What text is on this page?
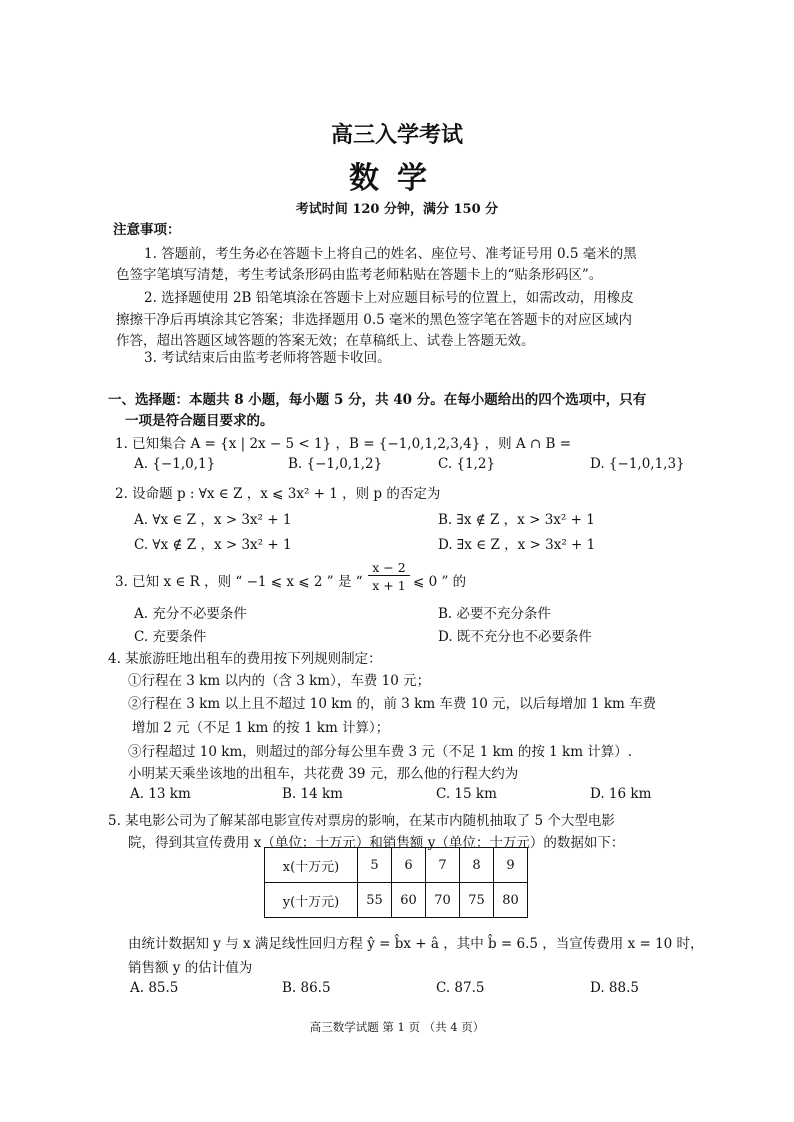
高三入学考试
数学
考试时间 120 分钟，满分 150 分
注意事项：
1. 答题前，考生务必在答题卡上将自己的姓名、座位号、准考证号用 0.5 毫米的黑
色签字笔填写清楚，考生考试条形码由监考老师粘贴在答题卡上的“贴条形码区”。
2. 选择题使用 2B 铅笔填涂在答题卡上对应题目标号的位置上，如需改动，用橡皮
擦擦干净后再填涂其它答案；非选择题用 0.5 毫米的黑色签字笔在答题卡的对应区域内
作答，超出答题区域答题的答案无效；在草稿纸上、试卷上答题无效。
3. 考试结束后由监考老师将答题卡收回。
一、选择题：本题共 8 小题，每小题 5 分，共 40 分。在每小题给出的四个选项中，只有
一项是符合题目要求的。
1. 已知集合 A = {x | 2x − 5 < 1} ，B = {−1,0,1,2,3,4} ，则 A ∩ B =
A. {−1,0,1}	B. {−1,0,1,2}	C. {1,2}	D. {−1,0,1,3}
2. 设命题 p : ∀x ∈ Z ，x ⩽ 3x² + 1 ，则 p 的否定为
A. ∀x ∈ Z ，x > 3x² + 1	B. ∃x ∉ Z ，x > 3x² + 1
C. ∀x ∉ Z ，x > 3x² + 1	D. ∃x ∈ Z ，x > 3x² + 1
3. 已知 x ∈ R ，则 “ −1 ⩽ x ⩽ 2 ” 是 “
x − 2
x + 1 ⩽ 0 ” 的
A. 充分不必要条件	B. 必要不充分条件
C. 充要条件	D. 既不充分也不必要条件
4. 某旅游旺地出租车的费用按下列规则制定：
①行程在 3 km 以内的（含 3 km），车费 10 元；
②行程在 3 km 以上且不超过 10 km 的，前 3 km 车费 10 元，以后每增加 1 km 车费
增加 2 元（不足 1 km 的按 1 km 计算）；
③行程超过 10 km，则超过的部分每公里车费 3 元（不足 1 km 的按 1 km 计算）.
小明某天乘坐该地的出租车，共花费 39 元，那么他的行程大约为
A. 13 km	B. 14 km	C. 15 km	D. 16 km
5. 某电影公司为了解某部电影宣传对票房的影响，在某市内随机抽取了 5 个大型电影
院，得到其宣传费用 x（单位：十万元）和销售额 y（单位：十万元）的数据如下：
x(十万元)	5	6	7	8	9
y(十万元)	55	60	70	75	80
由统计数据知 y 与 x 满足线性回归方程 ŷ = b̂x + â ，其中 b̂ = 6.5 ，当宣传费用 x = 10 时，
销售额 y 的估计值为
A. 85.5	B. 86.5	C. 87.5	D. 88.5
高三数学试题 第 1 页 （共 4 页）
